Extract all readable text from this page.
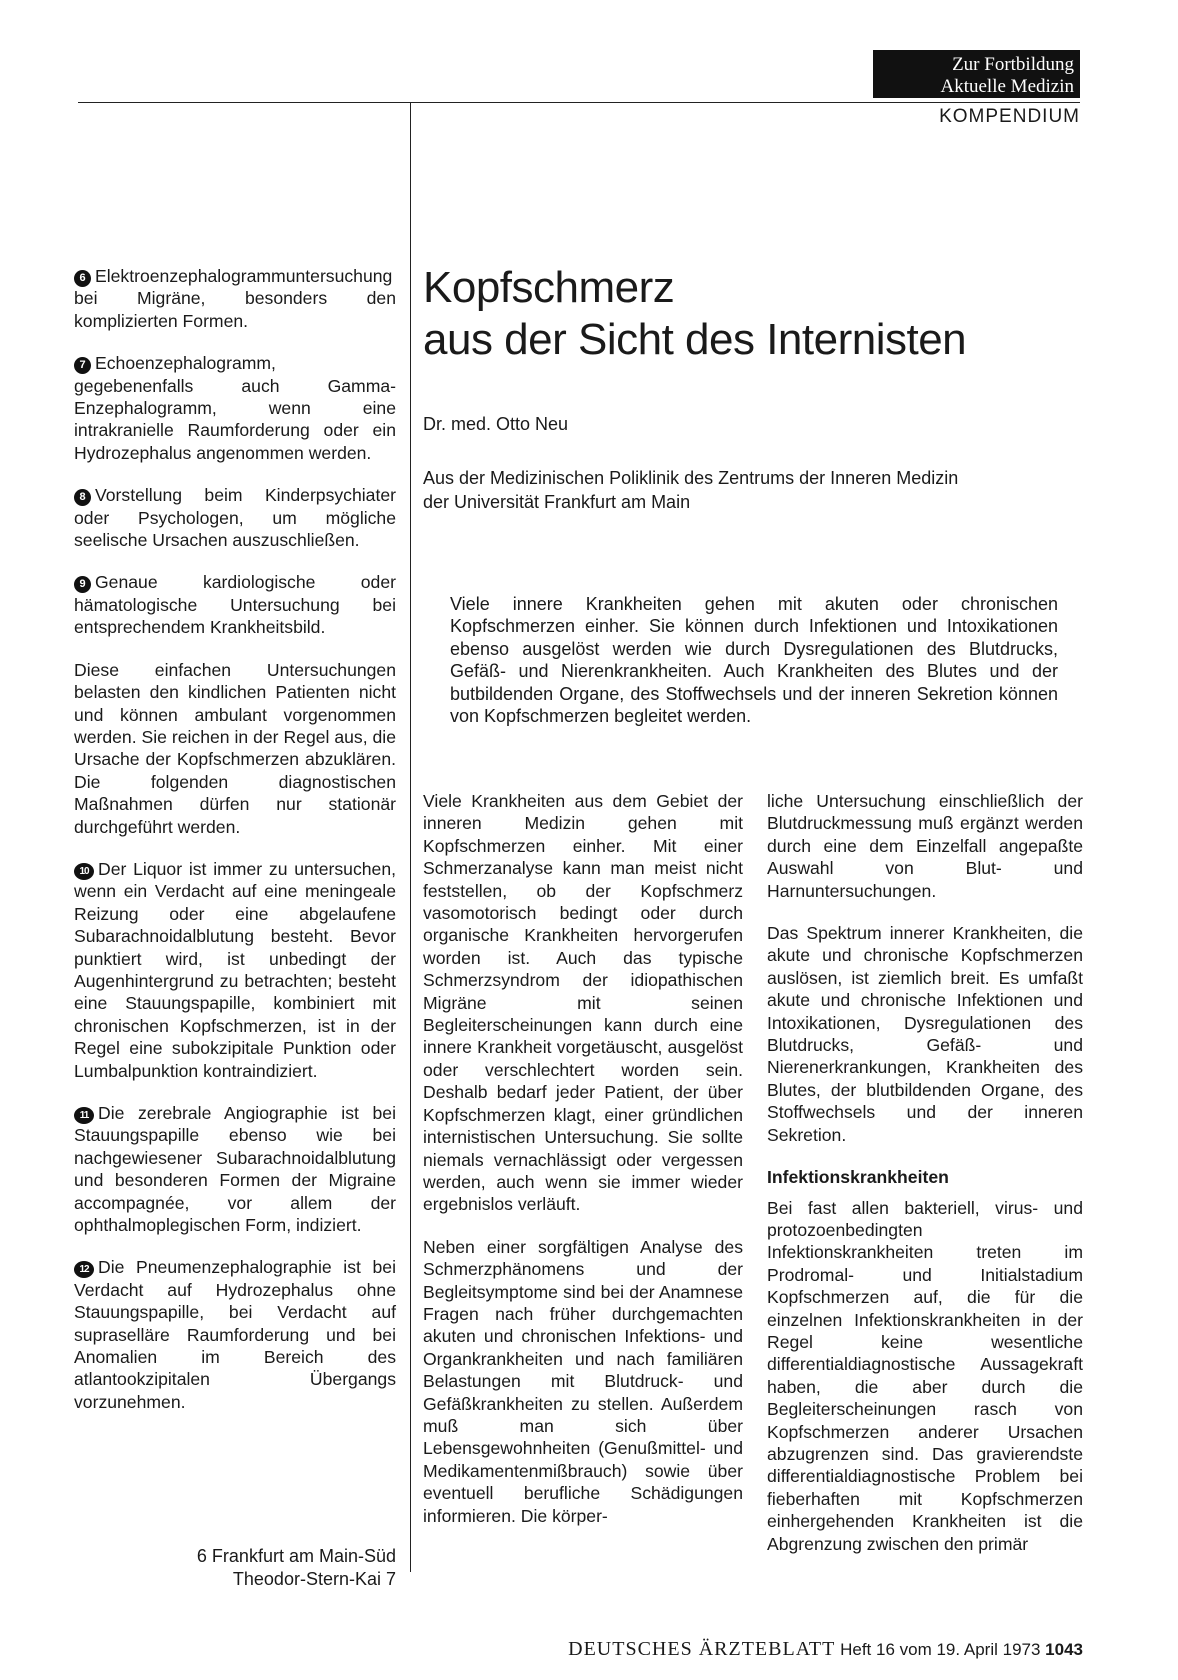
Zur Fortbildung
Aktuelle Medizin
KOMPENDIUM

6 Elektroenzephalogrammuntersuchung bei Migräne, besonders den komplizierten Formen.

7 Echoenzephalogramm, gegebenenfalls auch Gamma-Enzephalogramm, wenn eine intrakranielle Raumforderung oder ein Hydrozephalus angenommen werden.

8 Vorstellung beim Kinderpsychiater oder Psychologen, um mögliche seelische Ursachen auszuschließen.

9 Genaue kardiologische oder hämatologische Untersuchung bei entsprechendem Krankheitsbild.

Diese einfachen Untersuchungen belasten den kindlichen Patienten nicht und können ambulant vorgenommen werden. Sie reichen in der Regel aus, die Ursache der Kopfschmerzen abzuklären. Die folgenden diagnostischen Maßnahmen dürfen nur stationär durchgeführt werden.

10 Der Liquor ist immer zu untersuchen, wenn ein Verdacht auf eine meningeale Reizung oder eine abgelaufene Subarachnoidalblutung besteht. Bevor punktiert wird, ist unbedingt der Augenhintergrund zu betrachten; besteht eine Stauungspapille, kombiniert mit chronischen Kopfschmerzen, ist in der Regel eine subokzipitale Punktion oder Lumbalpunktion kontraindiziert.

11 Die zerebrale Angiographie ist bei Stauungspapille ebenso wie bei nachgewiesener Subarachnoidalblutung und besonderen Formen der Migraine accompagnée, vor allem der ophthalmoplegischen Form, indiziert.

12 Die Pneumenzephalographie ist bei Verdacht auf Hydrozephalus ohne Stauungspapille, bei Verdacht auf supraselläre Raumforderung und bei Anomalien im Bereich des atlantookzipitalen Übergangs vorzunehmen.

6 Frankfurt am Main-Süd
Theodor-Stern-Kai 7
Kopfschmerz
aus der Sicht des Internisten
Dr. med. Otto Neu
Aus der Medizinischen Poliklinik des Zentrums der Inneren Medizin
der Universität Frankfurt am Main
Viele innere Krankheiten gehen mit akuten oder chronischen Kopfschmerzen einher. Sie können durch Infektionen und Intoxikationen ebenso ausgelöst werden wie durch Dysregulationen des Blutdrucks, Gefäß- und Nierenkrankheiten. Auch Krankheiten des Blutes und der butbildenden Organe, des Stoffwechsels und der inneren Sekretion können von Kopfschmerzen begleitet werden.

Viele Krankheiten aus dem Gebiet der inneren Medizin gehen mit Kopfschmerzen einher. Mit einer Schmerzanalyse kann man meist nicht feststellen, ob der Kopfschmerz vasomotorisch bedingt oder durch organische Krankheiten hervorgerufen worden ist. Auch das typische Schmerzsyndrom der idiopathischen Migräne mit seinen Begleiterscheinungen kann durch eine innere Krankheit vorgetäuscht, ausgelöst oder verschlechtert worden sein. Deshalb bedarf jeder Patient, der über Kopfschmerzen klagt, einer gründlichen internistischen Untersuchung. Sie sollte niemals vernachlässigt oder vergessen werden, auch wenn sie immer wieder ergebnislos verläuft.

Neben einer sorgfältigen Analyse des Schmerzphänomens und der Begleitsymptome sind bei der Anamnese Fragen nach früher durchgemachten akuten und chronischen Infektions- und Organkrankheiten und nach familiären Belastungen mit Blutdruck- und Gefäßkrankheiten zu stellen. Außerdem muß man sich über Lebensgewohnheiten (Genußmittel- und Medikamentenmißbrauch) sowie über eventuell berufliche Schädigungen informieren. Die körper-

liche Untersuchung einschließlich der Blutdruckmessung muß ergänzt werden durch eine dem Einzelfall angepaßte Auswahl von Blut- und Harnuntersuchungen.

Das Spektrum innerer Krankheiten, die akute und chronische Kopfschmerzen auslösen, ist ziemlich breit. Es umfaßt akute und chronische Infektionen und Intoxikationen, Dysregulationen des Blutdrucks, Gefäß- und Nierenerkrankungen, Krankheiten des Blutes, der blutbildenden Organe, des Stoffwechsels und der inneren Sekretion.

Infektionskrankheiten

Bei fast allen bakteriell, virus- und protozoenbedingten Infektionskrankheiten treten im Prodromal- und Initialstadium Kopfschmerzen auf, die für die einzelnen Infektionskrankheiten in der Regel keine wesentliche differentialdiagnostische Aussagekraft haben, die aber durch die Begleiterscheinungen rasch von Kopfschmerzen anderer Ursachen abzugrenzen sind. Das gravierendste differentialdiagnostische Problem bei fieberhaften mit Kopfschmerzen einhergehenden Krankheiten ist die Abgrenzung zwischen den primär

DEUTSCHES ÄRZTEBLATT Heft 16 vom 19. April 1973 1043
